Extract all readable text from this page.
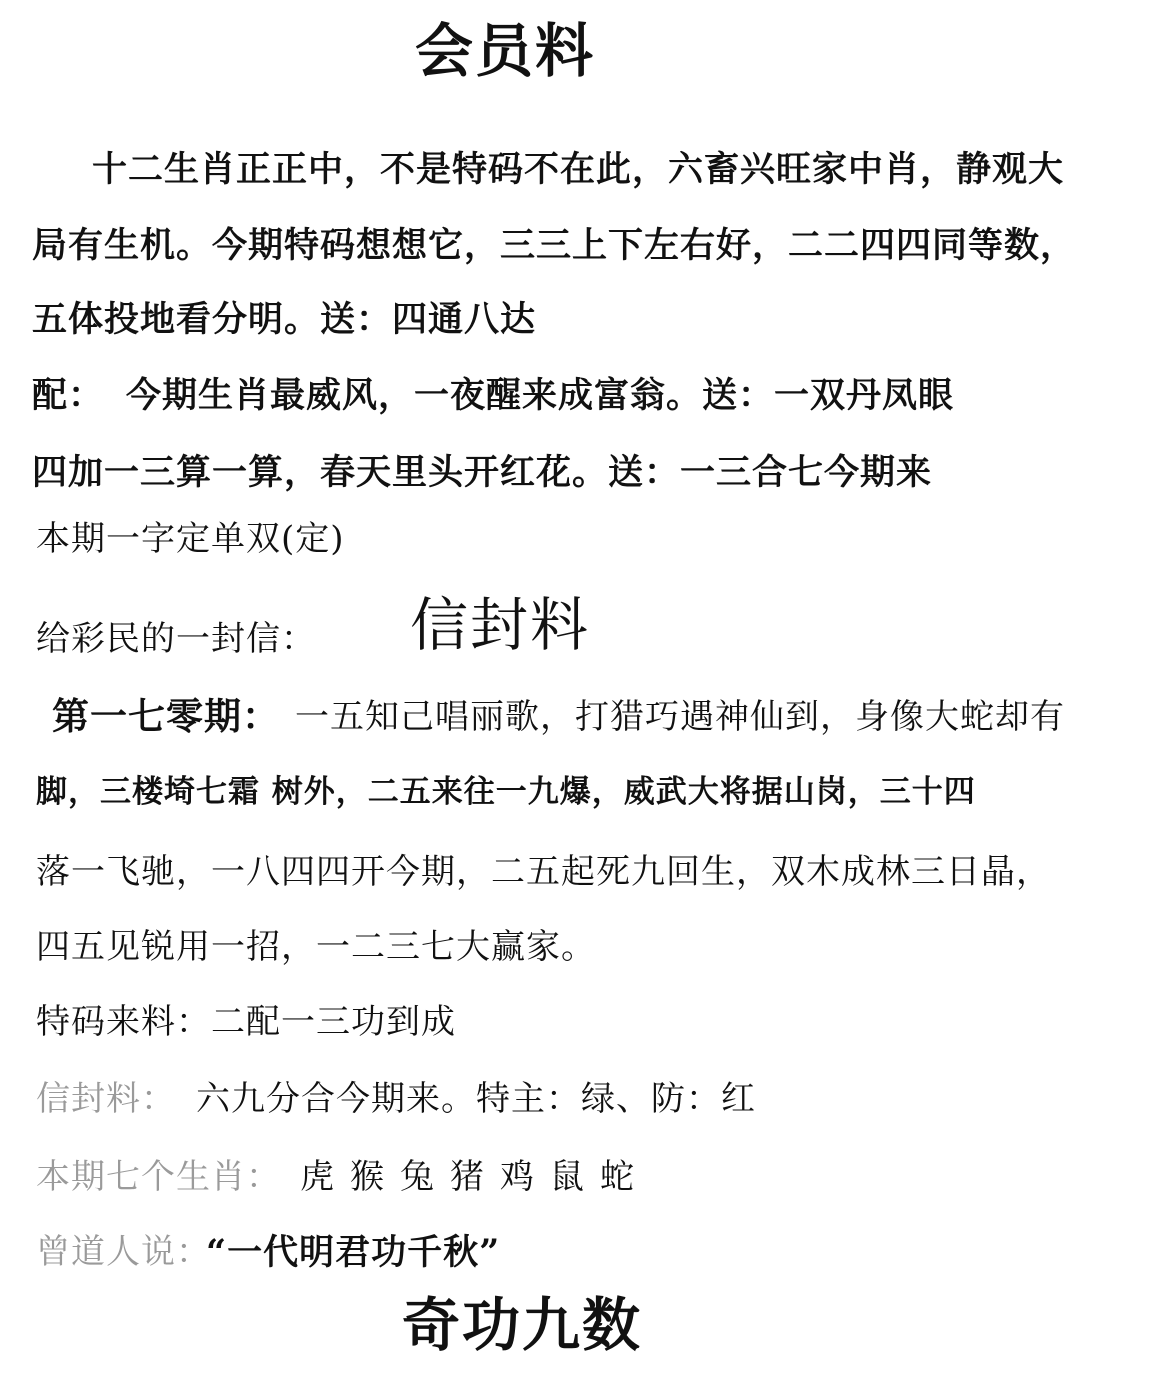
会员料
十二生肖正正中，不是特码不在此，六畜兴旺家中肖，静观大
局有生机。今期特码想想它，三三上下左右好，二二四四同等数，
五体投地看分明。送：四通八达
配： 今期生肖最威风，一夜醒来成富翁。送：一双丹凤眼
四加一三算一算，春天里头开红花。送：一三合七今期来
本期一字定单双(定)
给彩民的一封信： 信封料
第一七零期： 一五知己唱丽歌，打猎巧遇神仙到，身像大蛇却有
脚，三楼埼七霜 树外，二五来往一九爆，威武大将据山岗，三十四
落一飞驰，一八四四开今期，二五起死九回生，双木成林三日晶，
四五见锐用一招，一二三七大赢家。
特码来料：二配一三功到成
信封料： 六九分合今期来。特主：绿、防：红
本期七个生肖： 虎猴兔猪鸡鼠蛇
曾道人说：
“一代明君功千秋”
奇功九数
